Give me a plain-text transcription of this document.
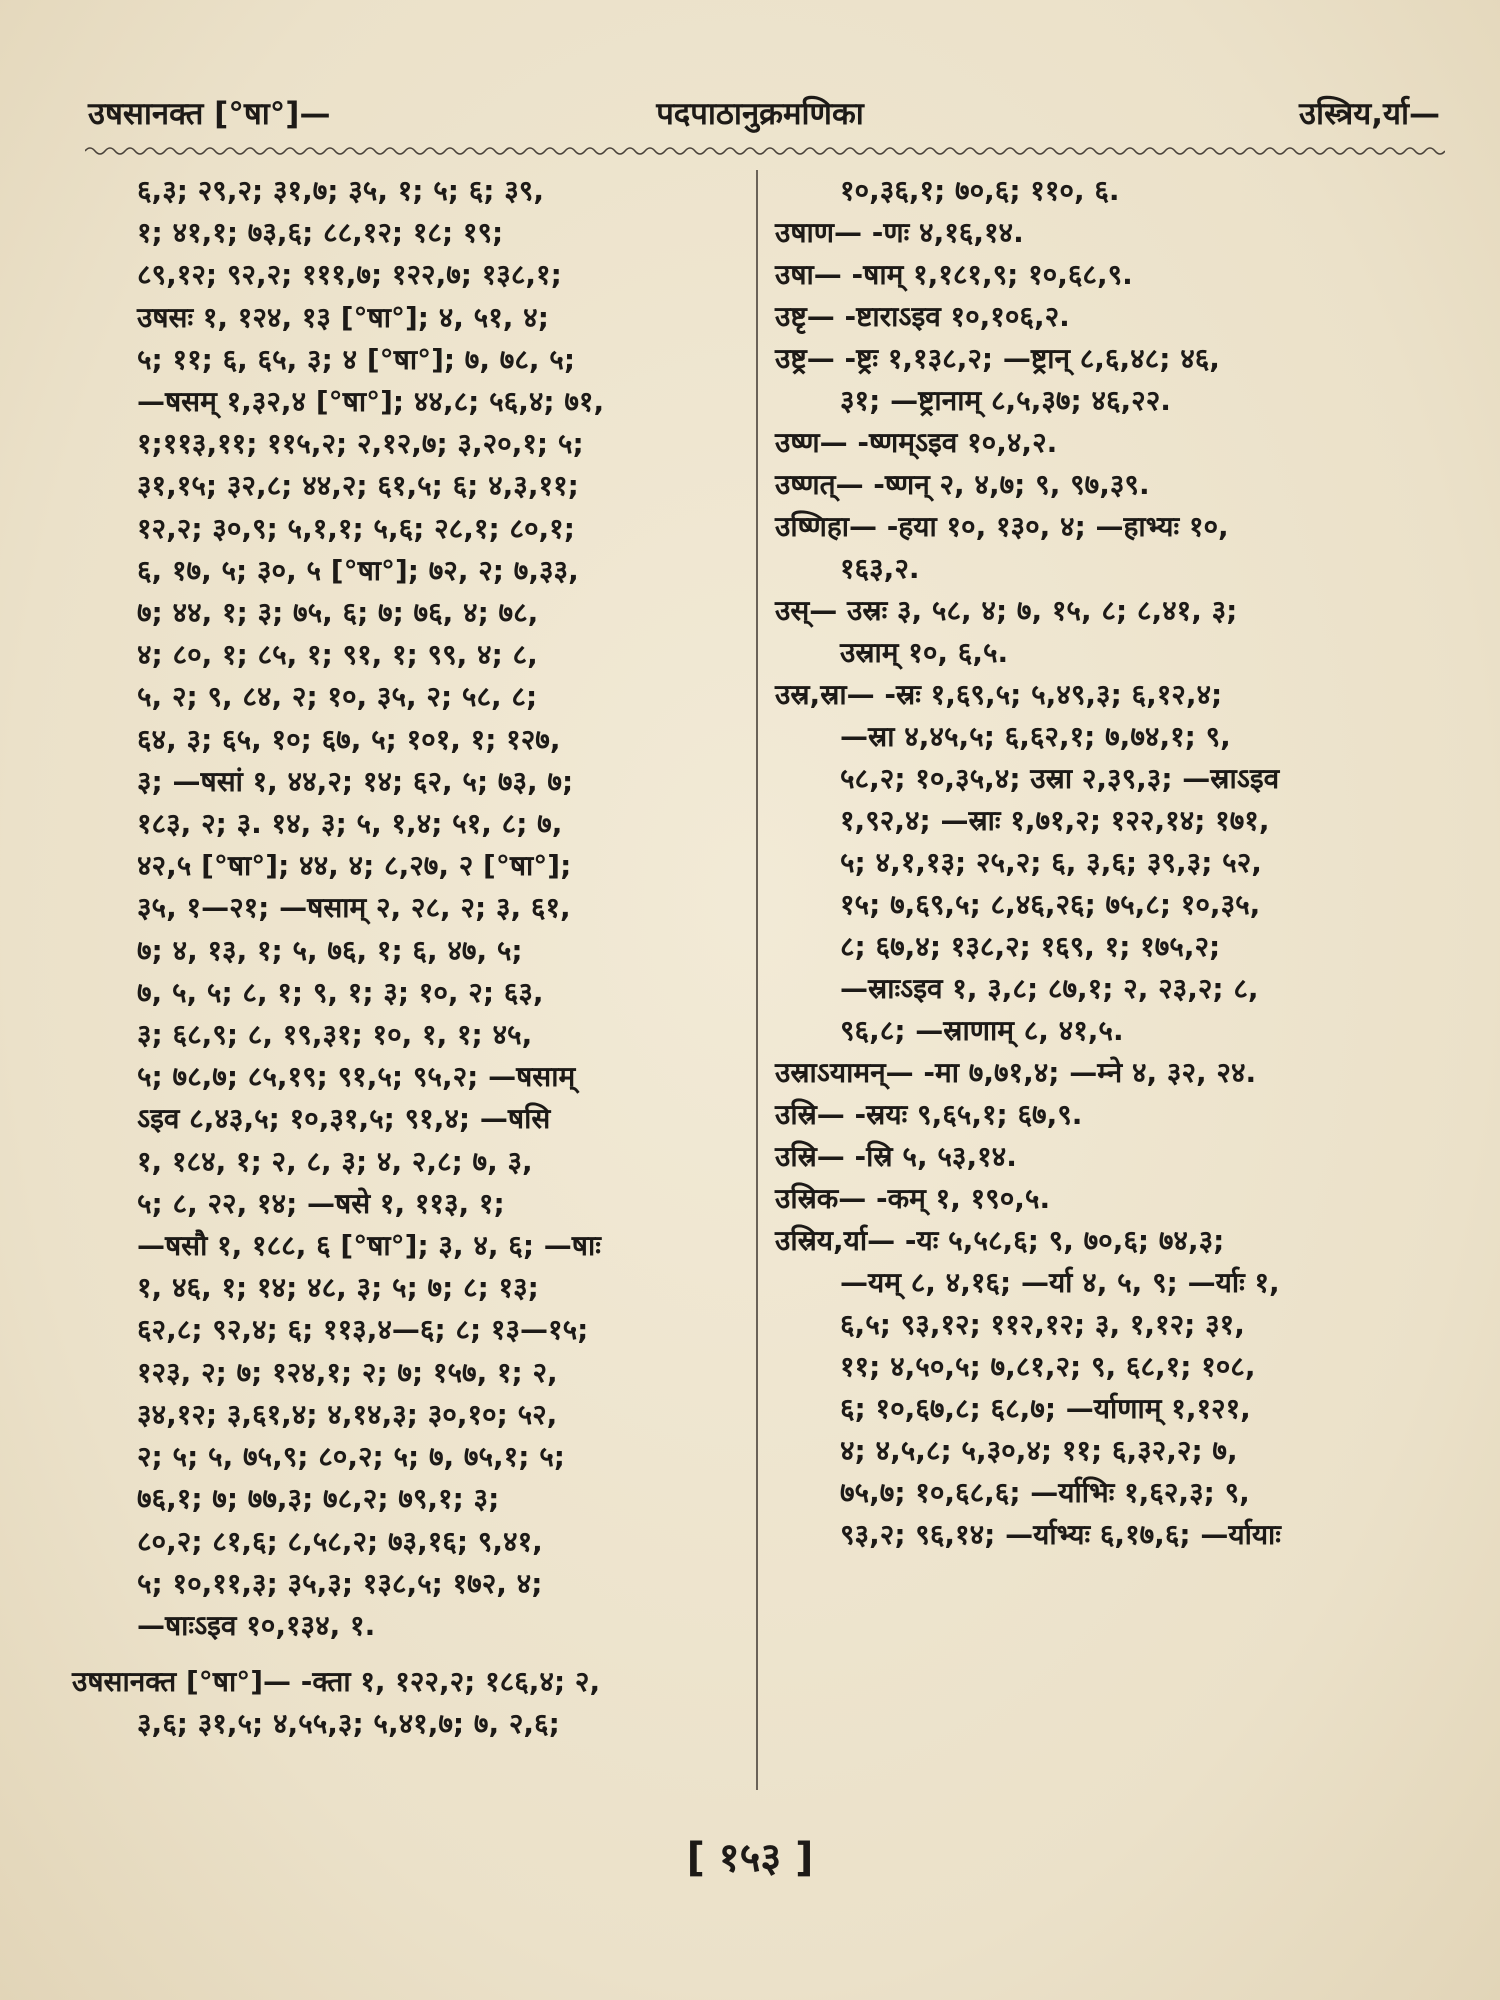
उषसानक्त [°षा°]—	पदपाठानुक्रमणिका	उस्त्रिय,र्या—
६,३; २९,२; ३१,७; ३५, १; ५; ६; ३९,
१; ४१,१; ७३,६; ८८,१२; १८; १९;
८९,१२; ९२,२; १११,७; १२२,७; १३८,१;
उषसः १, १२४, १३ [°षा°]; ४, ५१, ४;
५; ११; ६, ६५, ३; ४ [°षा°]; ७, ७८, ५;
—षसम् १,३२,४ [°षा°]; ४४,८; ५६,४; ७१,
१;११३,११; ११५,२; २,१२,७; ३,२०,१; ५;
३१,१५; ३२,८; ४४,२; ६१,५; ६; ४,३,११;
१२,२; ३०,९; ५,१,१; ५,६; २८,१; ८०,१;
६, १७, ५; ३०, ५ [°षा°]; ७२, २; ७,३३,
७; ४४, १; ३; ७५, ६; ७; ७६, ४; ७८,
४; ८०, १; ८५, १; ९१, १; ९९, ४; ८,
५, २; ९, ८४, २; १०, ३५, २; ५८, ८;
६४, ३; ६५, १०; ६७, ५; १०१, १; १२७,
३; —षसां १, ४४,२; १४; ६२, ५; ७३, ७;
१८३, २; ३. १४, ३; ५, १,४; ५१, ८; ७,
४२,५ [°षा°]; ४४, ४; ८,२७, २ [°षा°];
३५, १—२१; —षसाम् २, २८, २; ३, ६१,
७; ४, १३, १; ५, ७६, १; ६, ४७, ५;
७, ५, ५; ८, १; ९, १; ३; १०, २; ६३,
३; ६८,९; ८, १९,३१; १०, १, १; ४५,
५; ७८,७; ८५,१९; ९१,५; ९५,२; —षसाम्
ऽइव ८,४३,५; १०,३१,५; ९१,४; —षसि
१, १८४, १; २, ८, ३; ४, २,८; ७, ३,
५; ८, २२, १४; —षसे १, ११३, १;
—षसौ १, १८८, ६ [°षा°]; ३, ४, ६; —षाः
१, ४६, १; १४; ४८, ३; ५; ७; ८; १३;
६२,८; ९२,४; ६; ११३,४—६; ८; १३—१५;
१२३, २; ७; १२४,१; २; ७; १५७, १; २,
३४,१२; ३,६१,४; ४,१४,३; ३०,१०; ५२,
२; ५; ५, ७५,९; ८०,२; ५; ७, ७५,१; ५;
७६,१; ७; ७७,३; ७८,२; ७९,१; ३;
८०,२; ८१,६; ८,५८,२; ७३,१६; ९,४१,
५; १०,११,३; ३५,३; १३८,५; १७२, ४;
—षाःऽइव १०,१३४, १.
उषसानक्त [°षा°]— -क्ता १, १२२,२; १८६,४; २,
३,६; ३१,५; ४,५५,३; ५,४१,७; ७, २,६;
१०,३६,१; ७०,६; ११०, ६.
उषाण— -णः ४,१६,१४.
उषा— -षाम् १,१८१,९; १०,६८,९.
उष्टृ— -ष्टाराऽइव १०,१०६,२.
उष्ट्र— -ष्ट्रः १,१३८,२; —ष्ट्रान् ८,६,४८; ४६,
३१; —ष्ट्रानाम् ८,५,३७; ४६,२२.
उष्ण— -ष्णम्ऽइव १०,४,२.
उष्णत्— -ष्णन् २, ४,७; ९, ९७,३९.
उष्णिहा— -हया १०, १३०, ४; —हाभ्यः १०,
१६३,२.
उस्— उस्रः ३, ५८, ४; ७, १५, ८; ८,४१, ३;
उस्राम् १०, ६,५.
उस्र,स्रा— -स्रः १,६९,५; ५,४९,३; ६,१२,४;
—स्रा ४,४५,५; ६,६२,१; ७,७४,१; ९,
५८,२; १०,३५,४; उस्रा २,३९,३; —स्राऽइव
१,९२,४; —स्राः १,७१,२; १२२,१४; १७१,
५; ४,१,१३; २५,२; ६, ३,६; ३९,३; ५२,
१५; ७,६९,५; ८,४६,२६; ७५,८; १०,३५,
८; ६७,४; १३८,२; १६९, १; १७५,२;
—स्राःऽइव १, ३,८; ८७,१; २, २३,२; ८,
९६,८; —स्राणाम् ८, ४१,५.
उस्राऽयामन्— -मा ७,७१,४; —म्ने ४, ३२, २४.
उस्रि— -स्रयः ९,६५,१; ६७,९.
उस्रि— -स्रि ५, ५३,१४.
उस्रिक— -कम् १, १९०,५.
उस्रिय,र्या— -यः ५,५८,६; ९, ७०,६; ७४,३;
—यम् ८, ४,१६; —र्या ४, ५, ९; —र्याः १,
६,५; ९३,१२; ११२,१२; ३, १,१२; ३१,
११; ४,५०,५; ७,८१,२; ९, ६८,१; १०८,
६; १०,६७,८; ६८,७; —र्याणाम् १,१२१,
४; ४,५,८; ५,३०,४; ११; ६,३२,२; ७,
७५,७; १०,६८,६; —र्याभिः १,६२,३; ९,
९३,२; ९६,१४; —र्याभ्यः ६,१७,६; —र्यायाः
[ १५३ ]
